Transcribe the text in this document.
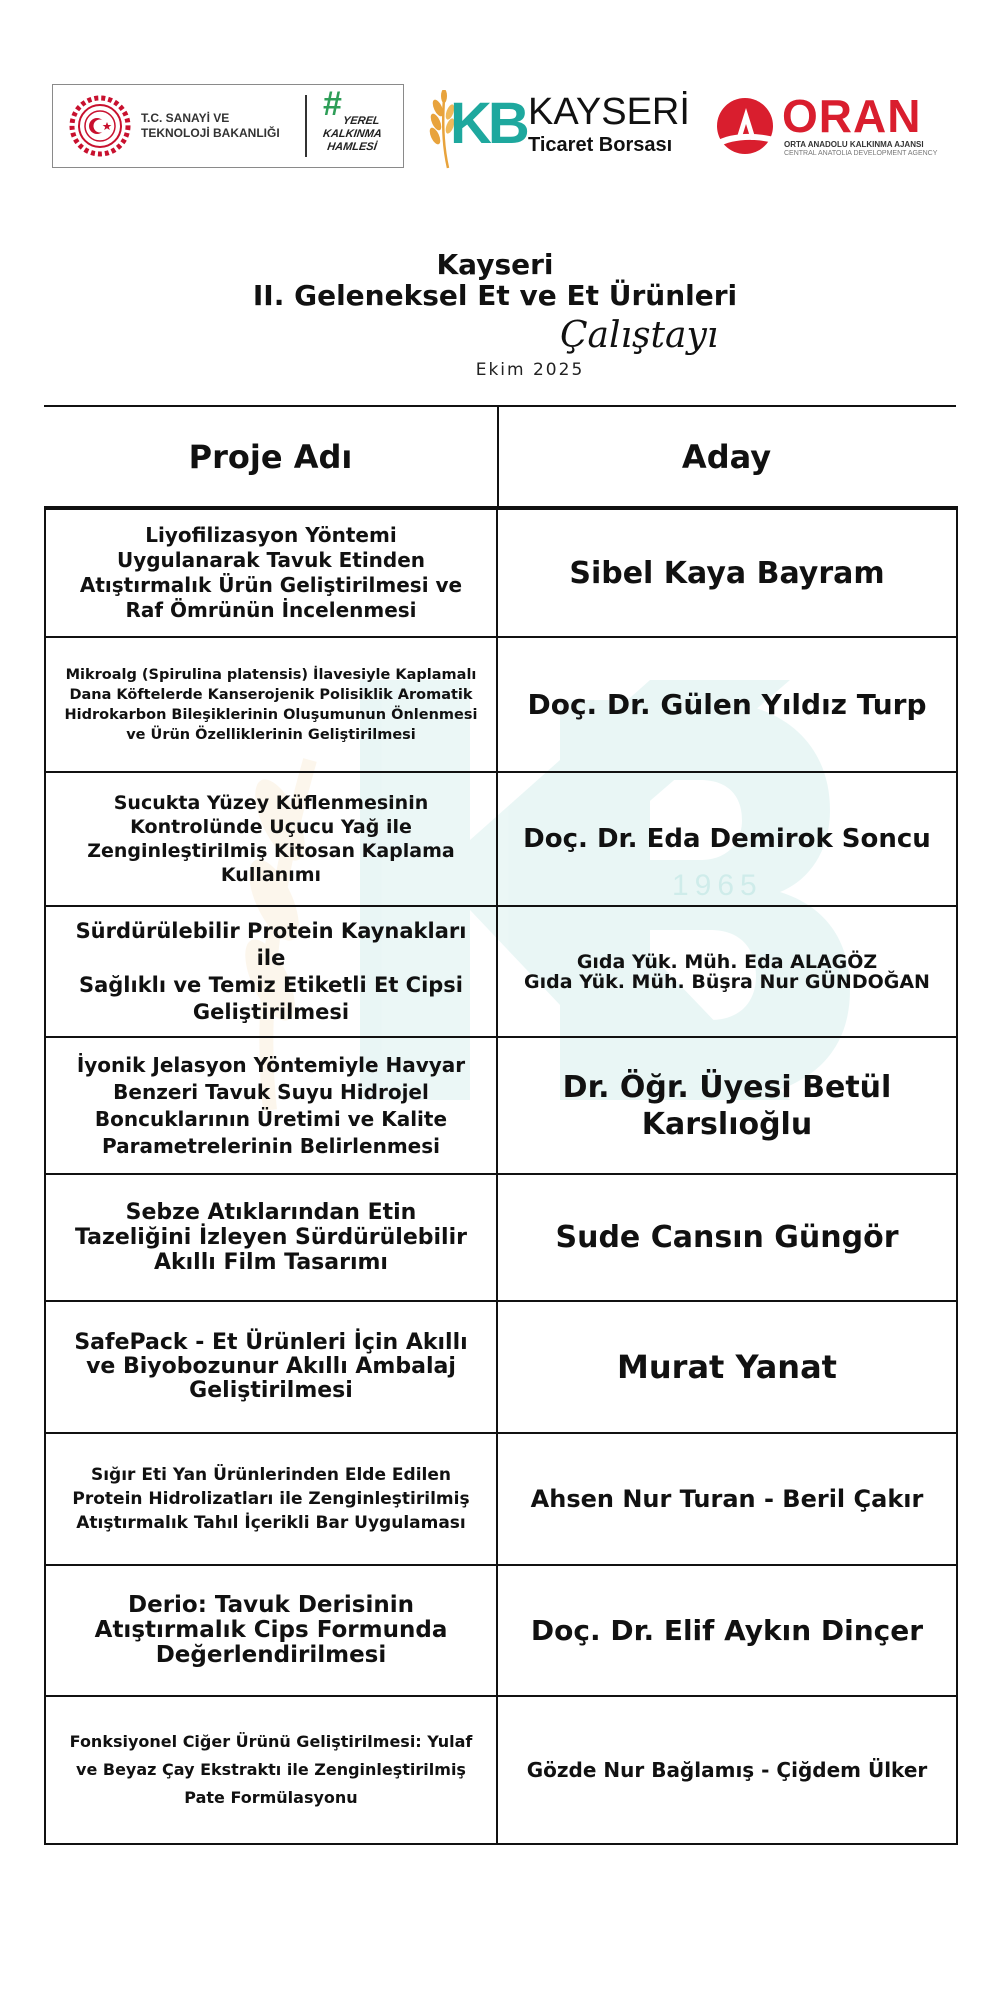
T.C. SANAYİ VE
TEKNOLOJİ BAKANLIĞI
# YEREL
KALKINMA
HAMLESİ KB KAYSERİ
Ticaret Borsası
ORAN
ORTA ANADOLU KALKINMA AJANSI
CENTRAL ANATOLIA DEVELOPMENT AGENCY
Kayseri
II. Geleneksel Et ve Et Ürünleri
Çalıştayı
Ekim 2025
1965
Proje Adı	Aday
Liyofilizasyon Yöntemi
Uygulanarak Tavuk Etinden
Atıştırmalık Ürün Geliştirilmesi ve
Raf Ömrünün İncelenmesi
Sibel Kaya Bayram
Mikroalg (Spirulina platensis) İlavesiyle Kaplamalı
Dana Köftelerde Kanserojenik Polisiklik Aromatik
Hidrokarbon Bileşiklerinin Oluşumunun Önlenmesi
ve Ürün Özelliklerinin Geliştirilmesi
Doç. Dr. Gülen Yıldız Turp
Sucukta Yüzey Küflenmesinin
Kontrolünde Uçucu Yağ ile
Zenginleştirilmiş Kitosan Kaplama
Kullanımı
Doç. Dr. Eda Demirok Soncu
Sürdürülebilir Protein Kaynakları ile
Sağlıklı ve Temiz Etiketli Et Cipsi
Geliştirilmesi
Gıda Yük. Müh. Eda ALAGÖZ
Gıda Yük. Müh. Büşra Nur GÜNDOĞAN
İyonik Jelasyon Yöntemiyle Havyar
Benzeri Tavuk Suyu Hidrojel
Boncuklarının Üretimi ve Kalite
Parametrelerinin Belirlenmesi
Dr. Öğr. Üyesi Betül
Karslıoğlu
Sebze Atıklarından Etin
Tazeliğini İzleyen Sürdürülebilir
Akıllı Film Tasarımı
Sude Cansın Güngör
SafePack - Et Ürünleri İçin Akıllı
ve Biyobozunur Akıllı Ambalaj
Geliştirilmesi
Murat Yanat
Sığır Eti Yan Ürünlerinden Elde Edilen
Protein Hidrolizatları ile Zenginleştirilmiş
Atıştırmalık Tahıl İçerikli Bar Uygulaması
Ahsen Nur Turan - Beril Çakır
Derio: Tavuk Derisinin
Atıştırmalık Cips Formunda
Değerlendirilmesi
Doç. Dr. Elif Aykın Dinçer
Fonksiyonel Ciğer Ürünü Geliştirilmesi: Yulaf
ve Beyaz Çay Ekstraktı ile Zenginleştirilmiş
Pate Formülasyonu
Gözde Nur Bağlamış - Çiğdem Ülker
